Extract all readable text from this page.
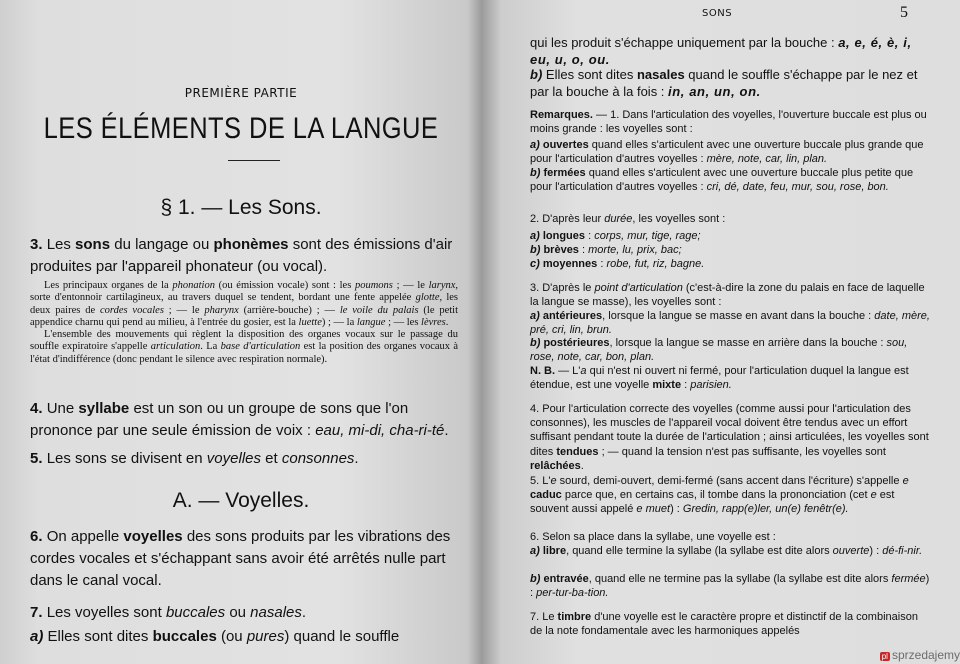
PREMIÈRE PARTIE
LES ÉLÉMENTS DE LA LANGUE
§ 1. — Les Sons.
3. Les sons du langage ou phonèmes sont des émissions d'air produites par l'appareil phonateur (ou vocal).
Les principaux organes de la phonation (ou émission vocale) sont : les poumons ; — le larynx, sorte d'entonnoir cartilagineux, au travers duquel se tendent, bordant une fente appelée glotte, les deux paires de cordes vocales ; — le pharynx (arrière-bouche) ; — le voile du palais (le petit appendice charnu qui pend au milieu, à l'entrée du gosier, est la luette) ; — la langue ; — les lèvres.
L'ensemble des mouvements qui règlent la disposition des organes vocaux sur le passage du souffle expiratoire s'appelle articulation. La base d'articulation est la position des organes vocaux à l'état d'indifférence (donc pendant le silence avec respiration normale).
4. Une syllabe est un son ou un groupe de sons que l'on prononce par une seule émission de voix : eau, mi-di, cha-ri-té.
5. Les sons se divisent en voyelles et consonnes.
A. — Voyelles.
6. On appelle voyelles des sons produits par les vibrations des cordes vocales et s'échappant sans avoir été arrêtés nulle part dans le canal vocal.
7. Les voyelles sont buccales ou nasales.
a) Elles sont dites buccales (ou pures) quand le souffle
SONS	5
qui les produit s'échappe uniquement par la bouche : a, e, é, è, i, eu, u, o, ou.
b) Elles sont dites nasales quand le souffle s'échappe par le nez et par la bouche à la fois : in, an, un, on.
Remarques. — 1. Dans l'articulation des voyelles, l'ouverture buccale est plus ou moins grande : les voyelles sont :
a) ouvertes quand elles s'articulent avec une ouverture buccale plus grande que pour l'articulation d'autres voyelles : mère, note, car, lin, plan.
b) fermées quand elles s'articulent avec une ouverture buccale plus petite que pour l'articulation d'autres voyelles : cri, dé, date, feu, mur, sou, rose, bon.
2. D'après leur durée, les voyelles sont :
a) longues : corps, mur, tige, rage;
b) brèves : morte, lu, prix, bac;
c) moyennes : robe, fut, riz, bagne.
3. D'après le point d'articulation (c'est-à-dire la zone du palais en face de laquelle la langue se masse), les voyelles sont :
a) antérieures, lorsque la langue se masse en avant dans la bouche : date, mère, pré, cri, lin, brun.
b) postérieures, lorsque la langue se masse en arrière dans la bouche : sou, rose, note, car, bon, plan.
N. B. — L'a qui n'est ni ouvert ni fermé, pour l'articulation duquel la langue est étendue, est une voyelle mixte : parisien.
4. Pour l'articulation correcte des voyelles (comme aussi pour l'articulation des consonnes), les muscles de l'appareil vocal doivent être tendus avec un effort suffisant pendant toute la durée de l'articulation ; ainsi articulées, les voyelles sont dites tendues ; — quand la tension n'est pas suffisante, les voyelles sont relâchées.
5. L'e sourd, demi-ouvert, demi-fermé (sans accent dans l'écriture) s'appelle e caduc parce que, en certains cas, il tombe dans la prononciation (cet e est souvent aussi appelé e muet) : Gredin, rapp(e)ler, un(e) fenêtr(e).
6. Selon sa place dans la syllabe, une voyelle est :
a) libre, quand elle termine la syllabe (la syllabe est dite alors ouverte) : dé-fi-nir.
b) entravée, quand elle ne termine pas la syllabe (la syllabe est dite alors fermée) : per-tur-ba-tion.
7. Le timbre d'une voyelle est le caractère propre et distinctif de la combinaison de la note fondamentale avec les harmoniques appelés
pl sprzedajemy
